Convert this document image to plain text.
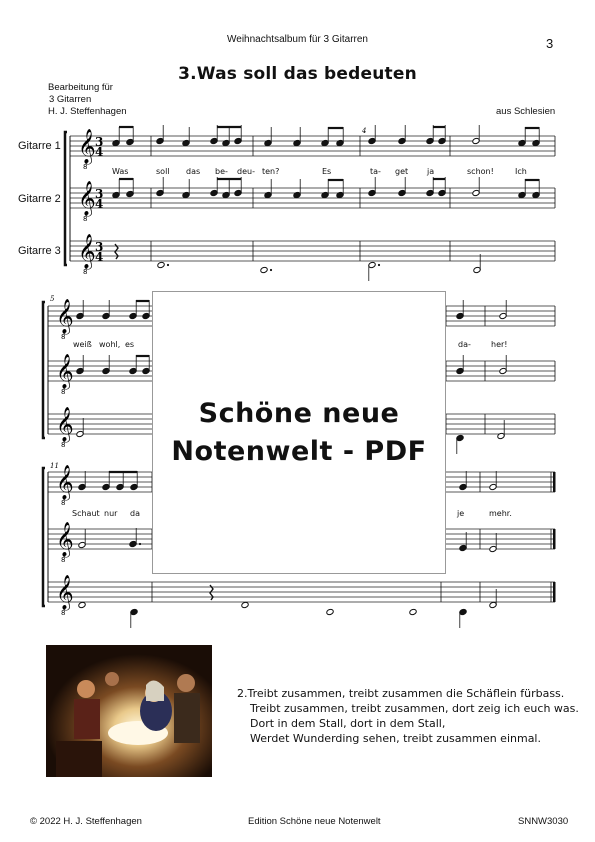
Weihnachtsalbum für 3 Gitarren	3
3.Was soll das bedeuten
Bearbeitung für
3 Gitarren
H. J. Steffenhagen	aus Schlesien
Gitarre 1
Gitarre 2
Gitarre 3
𝄞
8
3
4
𝄞
8
3
4
𝄞
8
3
4
𝄞
8
𝄞
8
𝄞
8
𝄞
8
𝄞
8
𝄞
8
4
5
11
Was	soll das be- deu- ten?	Es	ta- get ja	schon!	Ich
weiß wohl, es	da-	her!
Schaut nur da	je	mehr.
Schöne neue
Notenwelt - PDF
2.Treibt zusammen, treibt zusammen die Schäflein fürbass.
Treibt zusammen, treibt zusammen, dort zeig ich euch was.
Dort in dem Stall, dort in dem Stall,
Werdet Wunderding sehen, treibt zusammen einmal.
© 2022 H. J. Steffenhagen	Edition Schöne neue Notenwelt	SNNW3030
